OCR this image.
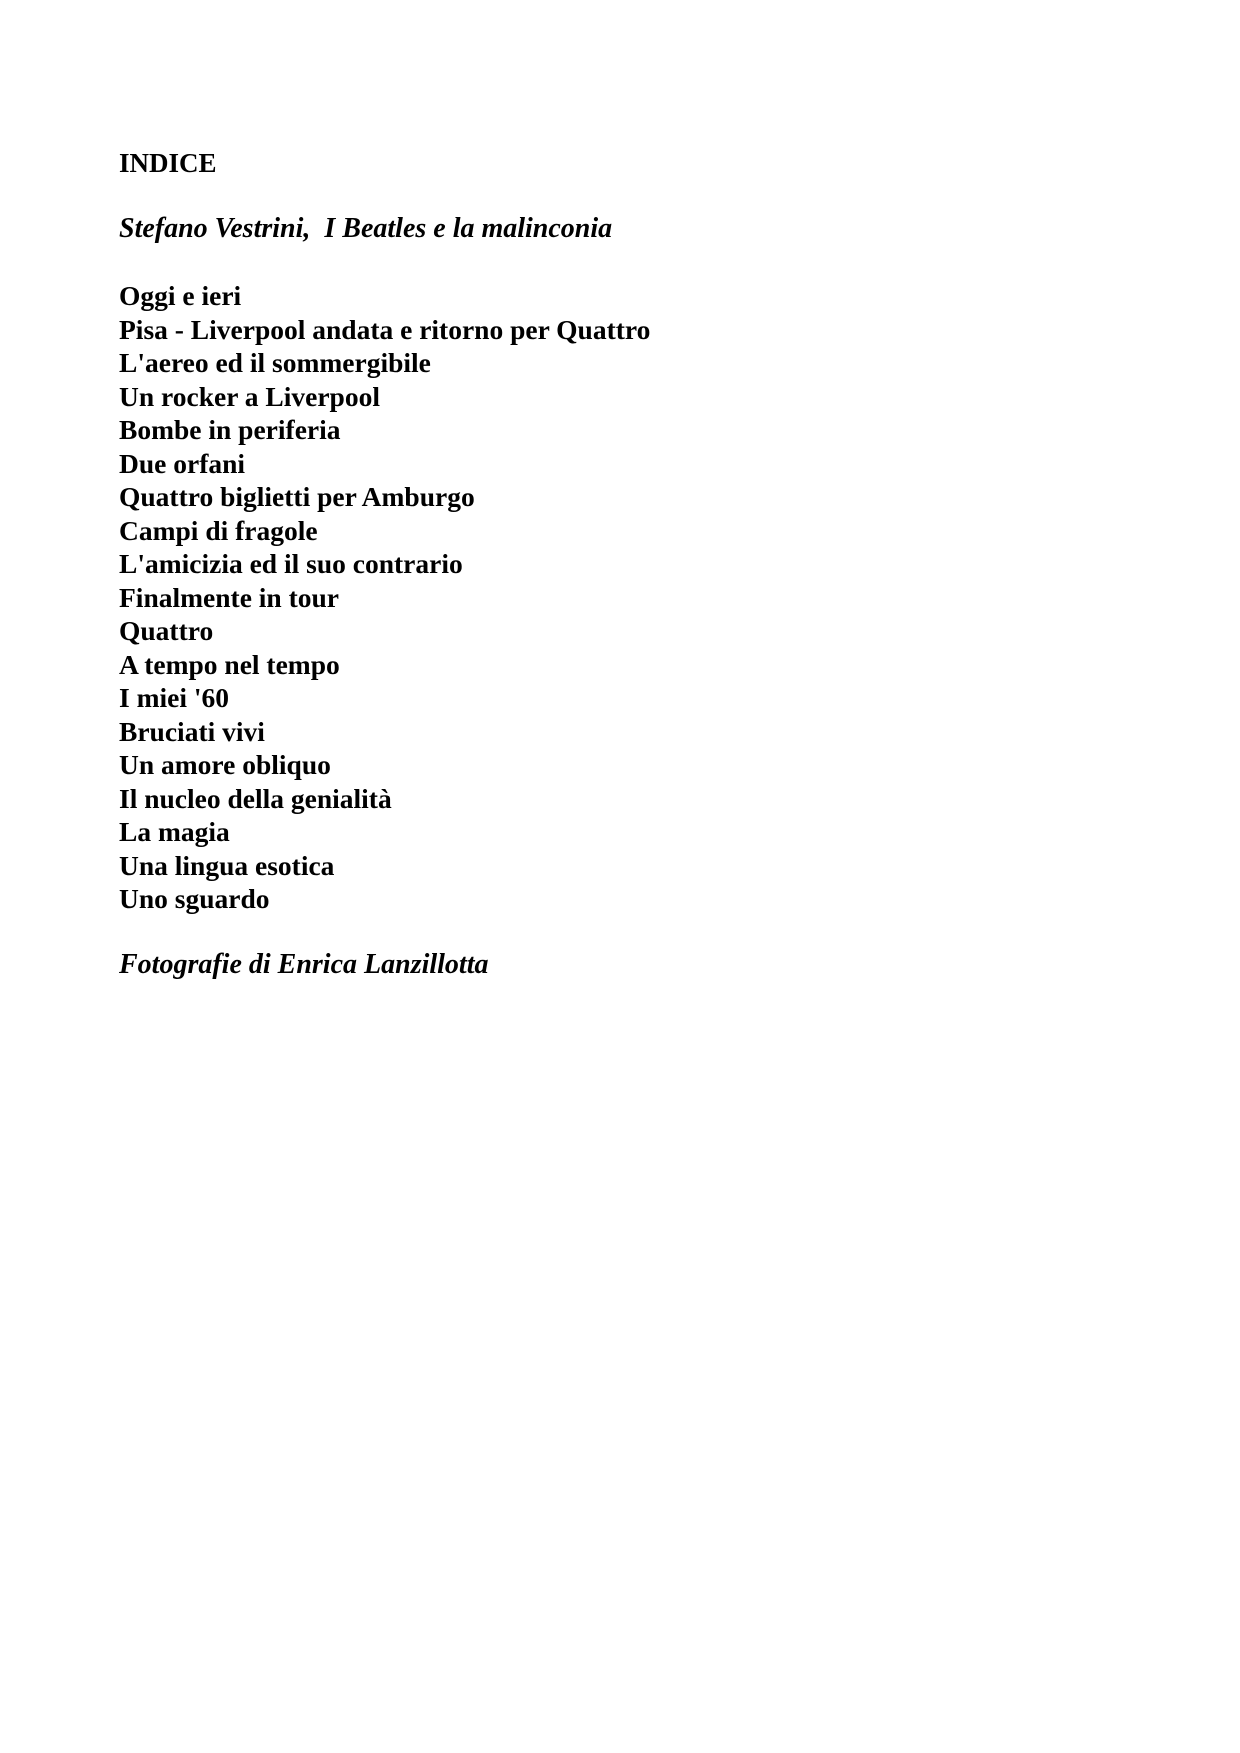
INDICE
Stefano Vestrini,  I Beatles e la malinconia
Oggi e ieri
Pisa - Liverpool andata e ritorno per Quattro
L'aereo ed il sommergibile
Un rocker a Liverpool
Bombe in periferia
Due orfani
Quattro biglietti per Amburgo
Campi di fragole
L'amicizia ed il suo contrario
Finalmente in tour
Quattro
A tempo nel tempo
I miei '60
Bruciati vivi
Un amore obliquo
Il nucleo della genialità
La magia
Una lingua esotica
Uno sguardo
Fotografie di Enrica Lanzillotta
